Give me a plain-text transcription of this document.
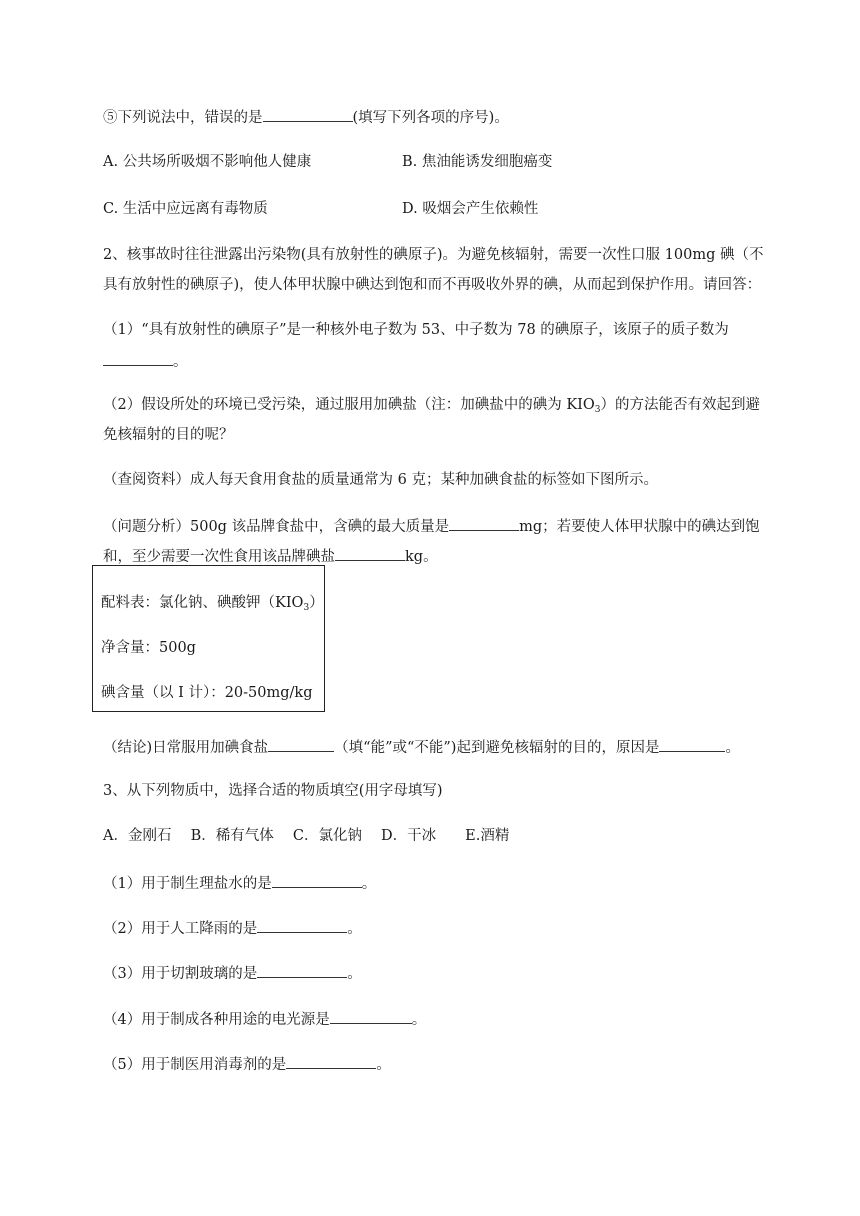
⑤下列说法中，错误的是	(填写下列各项的序号)。
A. 公共场所吸烟不影响他人健康	B. 焦油能诱发细胞癌变
C. 生活中应远离有毒物质	D. 吸烟会产生依赖性
2、核事故时往往泄露出污染物(具有放射性的碘原子)。为避免核辐射，需要一次性口服 100mg 碘（不
具有放射性的碘原子)，使人体甲状腺中碘达到饱和而不再吸收外界的碘，从而起到保护作用。请回答：
（1）“具有放射性的碘原子”是一种核外电子数为 53、中子数为 78 的碘原子，该原子的质子数为
。
（2）假设所处的环境已受污染，通过服用加碘盐（注：加碘盐中的碘为 $KIO_3$）的方法能否有效起到避
免核辐射的目的呢？
（查阅资料）成人每天食用食盐的质量通常为 6 克；某种加碘食盐的标签如下图所示。
（问题分析）500g 该品牌食盐中，含碘的最大质量是	mg；若要使人体甲状腺中的碘达到饱
和，至少需要一次性食用该品牌碘盐	kg。
配料表：氯化钠、碘酸钾$(KIO_3)$
净含量：500g
碘含量（以 I 计）：20-50mg/kg
（结论)日常服用加碘食盐	（填“能”或“不能”)起到避免核辐射的目的，原因是	。
3、从下列物质中，选择合适的物质填空(用字母填写)
A．金刚石　 B．稀有气体　 C．氯化钠　 D．干冰　　E.酒精
（1）用于制生理盐水的是	。
（2）用于人工降雨的是	。
（3）用于切割玻璃的是	。
（4）用于制成各种用途的电光源是	。
（5）用于制医用消毒剂的是	。
